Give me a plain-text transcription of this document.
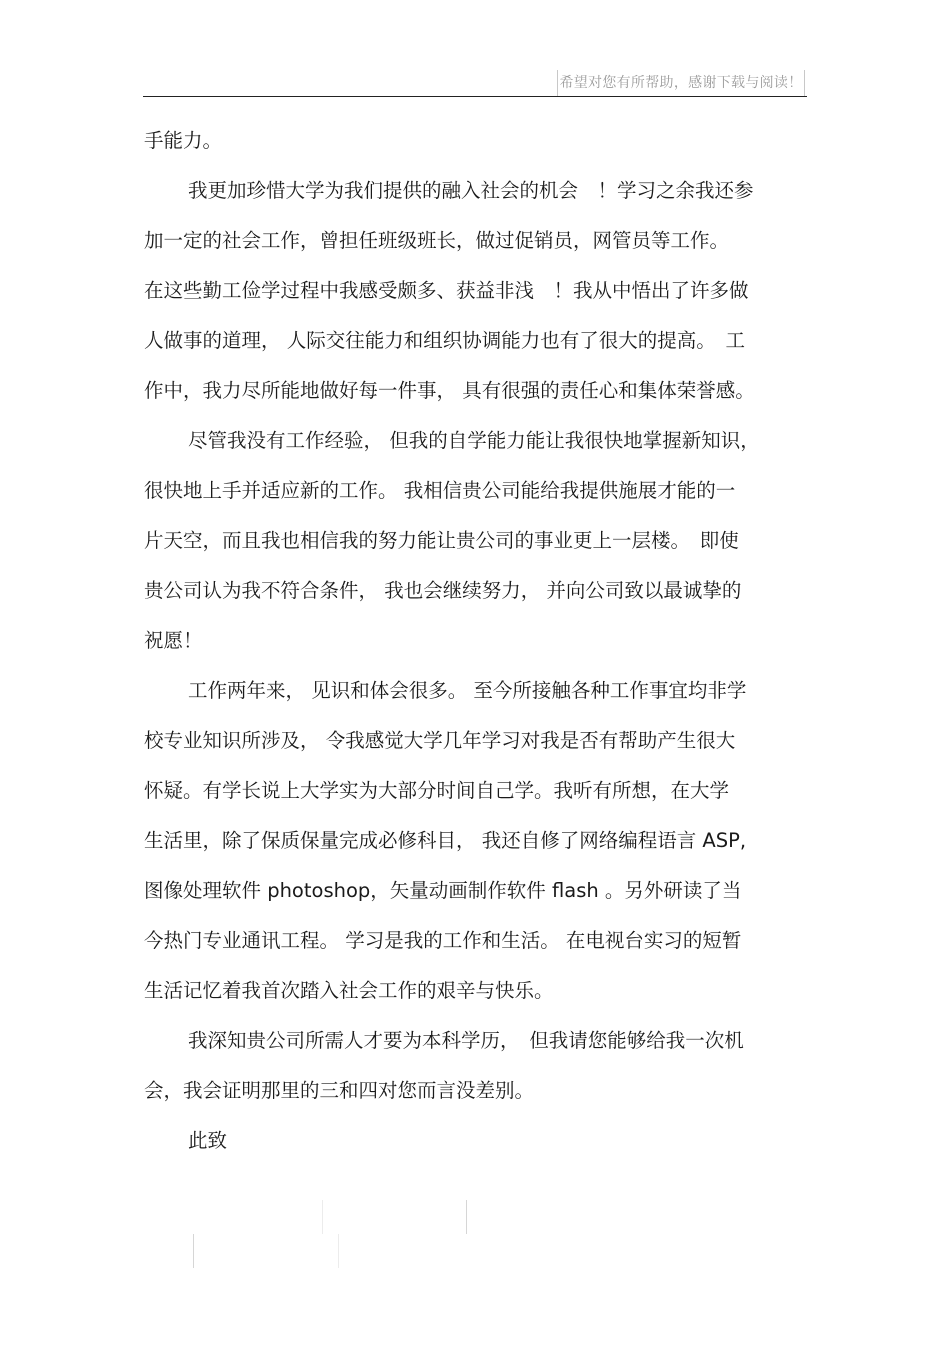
希望对您有所帮助，感谢下载与阅读！
手能力。
我更加珍惜大学为我们提供的融入社会的机会　！学习之余我还参
加一定的社会工作，曾担任班级班长，做过促销员，网管员等工作。
在这些勤工俭学过程中我感受颇多、获益非浅　！我从中悟出了许多做
人做事的道理， 人际交往能力和组织协调能力也有了很大的提高。　工
作中，我力尽所能地做好每一件事， 具有很强的责任心和集体荣誉感。
尽管我没有工作经验， 但我的自学能力能让我很快地掌握新知识，
很快地上手并适应新的工作。 我相信贵公司能给我提供施展才能的一
片天空，而且我也相信我的努力能让贵公司的事业更上一层楼。　即使
贵公司认为我不符合条件， 我也会继续努力， 并向公司致以最诚挚的
祝愿！
工作两年来， 见识和体会很多。 至今所接触各种工作事宜均非学
校专业知识所涉及， 令我感觉大学几年学习对我是否有帮助产生很大
怀疑。有学长说上大学实为大部分时间自己学。我听有所想，在大学
生活里，除了保质保量完成必修科目， 我还自修了网络编程语言 ASP,
图像处理软件 photoshop，矢量动画制作软件 flash 。另外研读了当
今热门专业通讯工程。 学习是我的工作和生活。 在电视台实习的短暂
生活记忆着我首次踏入社会工作的艰辛与快乐。
我深知贵公司所需人才要为本科学历，　但我请您能够给我一次机
会，我会证明那里的三和四对您而言没差别。
此致
